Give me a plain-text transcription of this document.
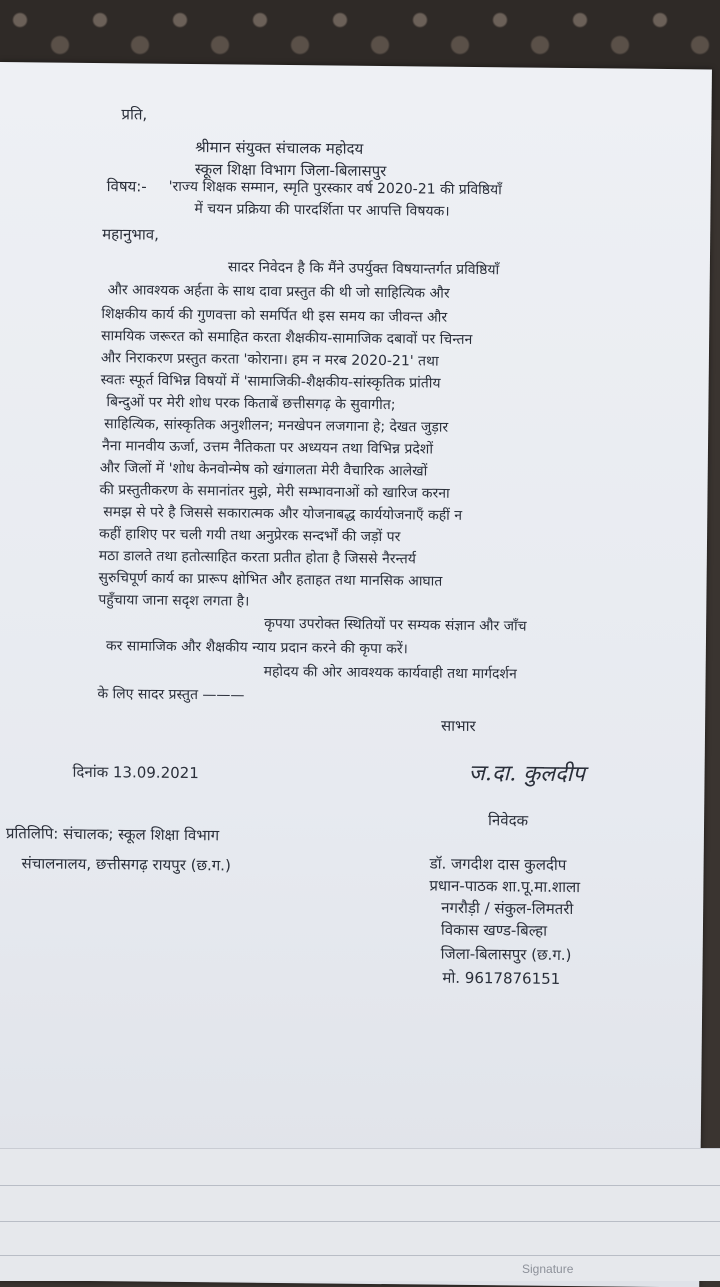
प्रति,
श्रीमान संयुक्त संचालक महोदय
स्कूल शिक्षा विभाग जिला-बिलासपुर
विषय:- 'राज्य शिक्षक सम्मान, स्मृति पुरस्कार वर्ष 2020-21 की प्रविष्ठियाँ
में चयन प्रक्रिया की पारदर्शिता पर आपत्ति विषयक।
महानुभाव,
सादर निवेदन है कि मैंने उपर्युक्त विषयान्तर्गत प्रविष्ठियाँ
और आवश्यक अर्हता के साथ दावा प्रस्तुत की थी जो साहित्यिक और
शिक्षकीय कार्य की गुणवत्ता को समर्पित थी इस समय का जीवन्त और
सामयिक जरूरत को समाहित करता शैक्षकीय-सामाजिक दबावों पर चिन्तन
और निराकरण प्रस्तुत करता 'कोराना। हम न मरब 2020-21' तथा
स्वतः स्फूर्त विभिन्न विषयों में 'सामाजिकी-शैक्षकीय-सांस्कृतिक प्रांतीय
बिन्दुओं पर मेरी शोध परक किताबें छत्तीसगढ़ के सुवागीत;
साहित्यिक, सांस्कृतिक अनुशीलन; मनखेपन लजगाना हे; देखत जुड़ार
नैना मानवीय ऊर्जा, उत्तम नैतिकता पर अध्ययन तथा विभिन्न प्रदेशों
और जिलों में 'शोध केनवोन्मेष को खंगालता मेरी वैचारिक आलेखों
की प्रस्तुतीकरण के समानांतर मुझे, मेरी सम्भावनाओं को खारिज करना
समझ से परे है जिससे सकारात्मक और योजनाबद्ध कार्ययोजनाएँ कहीं न
कहीं हाशिए पर चली गयी तथा अनुप्रेरक सन्दर्भों की जड़ों पर
मठा डालते तथा हतोत्साहित करता प्रतीत होता है जिससे नैरन्तर्य
सुरुचिपूर्ण कार्य का प्रारूप क्षोभित और हताहत तथा मानसिक आघात
पहुँचाया जाना सदृश लगता है।
कृपया उपरोक्त स्थितियों पर सम्यक संज्ञान और जाँच
कर सामाजिक और शैक्षकीय न्याय प्रदान करने की कृपा करें।
महोदय की ओर आवश्यक कार्यवाही तथा मार्गदर्शन
के लिए सादर प्रस्तुत ———
साभार
दिनांक 13.09.2021	ज.दा. कुलदीप
निवेदक
प्रतिलिपि: संचालक; स्कूल शिक्षा विभाग
संचालनालय, छत्तीसगढ़ रायपुर (छ.ग.)	डॉ. जगदीश दास कुलदीप
प्रधान-पाठक शा.पू.मा.शाला
नगरौड़ी / संकुल-लिमतरी
विकास खण्ड-बिल्हा
जिला-बिलासपुर (छ.ग.)
मो. 9617876151
Signature
